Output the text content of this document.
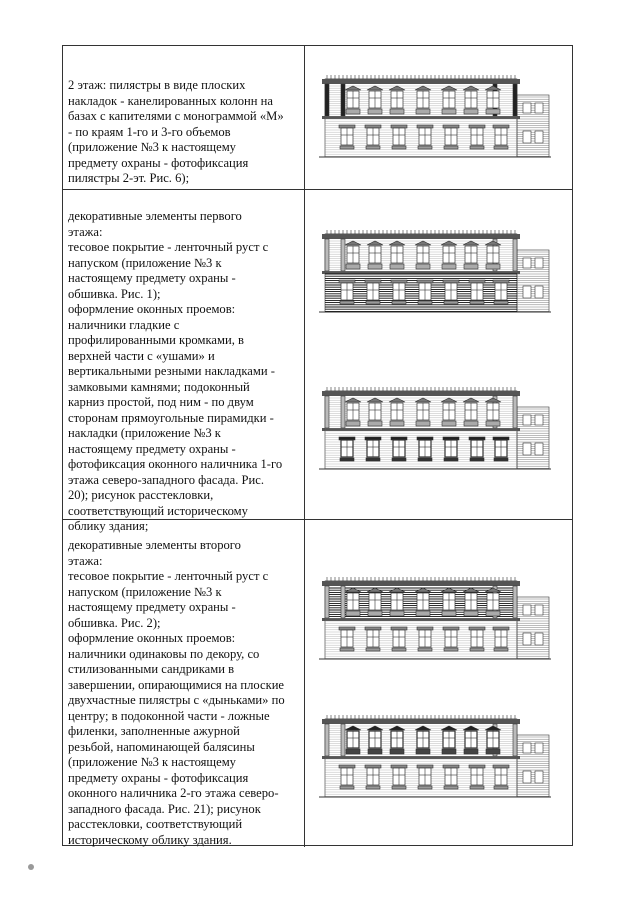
2 этаж: пилястры в виде плоских
накладок - канелированных колонн на
базах с капителями с монограммой «М»
- по краям 1-го и 3-го объемов
(приложение №3 к настоящему
предмету охраны - фотофиксация
пилястры 2-эт. Рис. 6);

декоративные элементы первого
этажа:
тесовое покрытие - ленточный руст с
напуском (приложение №3 к
настоящему предмету охраны -
обшивка. Рис. 1);
оформление оконных проемов:
наличники гладкие с
профилированными кромками, в
верхней части с «ушами» и
вертикальными резными накладками -
замковыми камнями; подоконный
карниз простой, под ним - по двум
сторонам прямоугольные пирамидки -
накладки (приложение №3 к
настоящему предмету охраны -
фотофиксация оконного наличника 1-го
этажа северо-западного фасада. Рис.
20); рисунок расстекловки,
соответствующий историческому
облику здания;

декоративные элементы второго
этажа:
тесовое покрытие - ленточный руст с
напуском (приложение №3 к
настоящему предмету охраны -
обшивка. Рис. 2);
оформление оконных проемов:
наличники одинаковы по декору, со
стилизованными сандриками в
завершении, опирающимися на плоские
двухчастные пилястры с «дыньками» по
центру; в подоконной части - ложные
филенки, заполненные ажурной
резьбой, напоминающей балясины
(приложение №3 к настоящему
предмету охраны - фотофиксация
оконного наличника 2-го этажа северо-
западного фасада. Рис. 21); рисунок
расстекловки, соответствующий
историческому облику здания.
